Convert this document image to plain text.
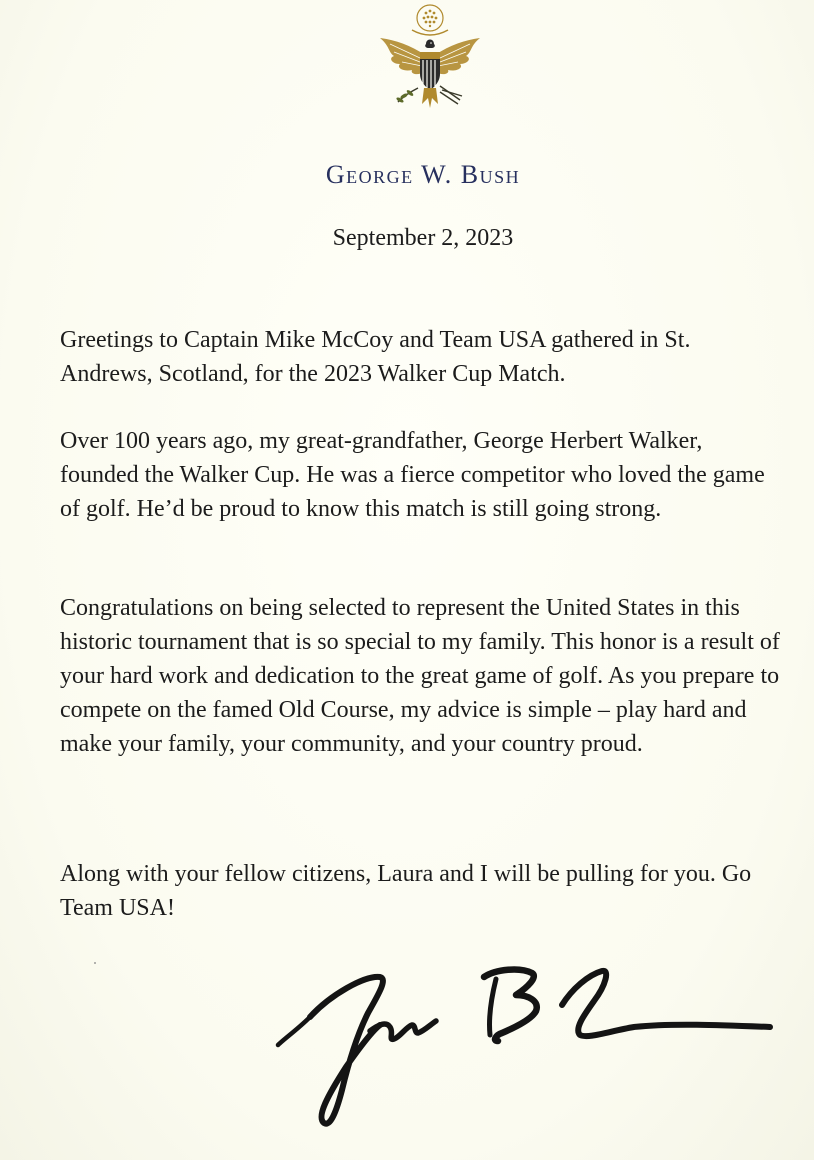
George W. Bush
September 2, 2023

Greetings to Captain Mike McCoy and Team USA gathered in St. Andrews, Scotland, for the 2023 Walker Cup Match.

Over 100 years ago, my great-grandfather, George Herbert Walker, founded the Walker Cup. He was a fierce competitor who loved the game of golf. He’d be proud to know this match is still going strong.

Congratulations on being selected to represent the United States in this historic tournament that is so special to my family. This honor is a result of your hard work and dedication to the great game of golf. As you prepare to compete on the famed Old Course, my advice is simple – play hard and make your family, your community, and your country proud.

Along with your fellow citizens, Laura and I will be pulling for you. Go Team USA!
